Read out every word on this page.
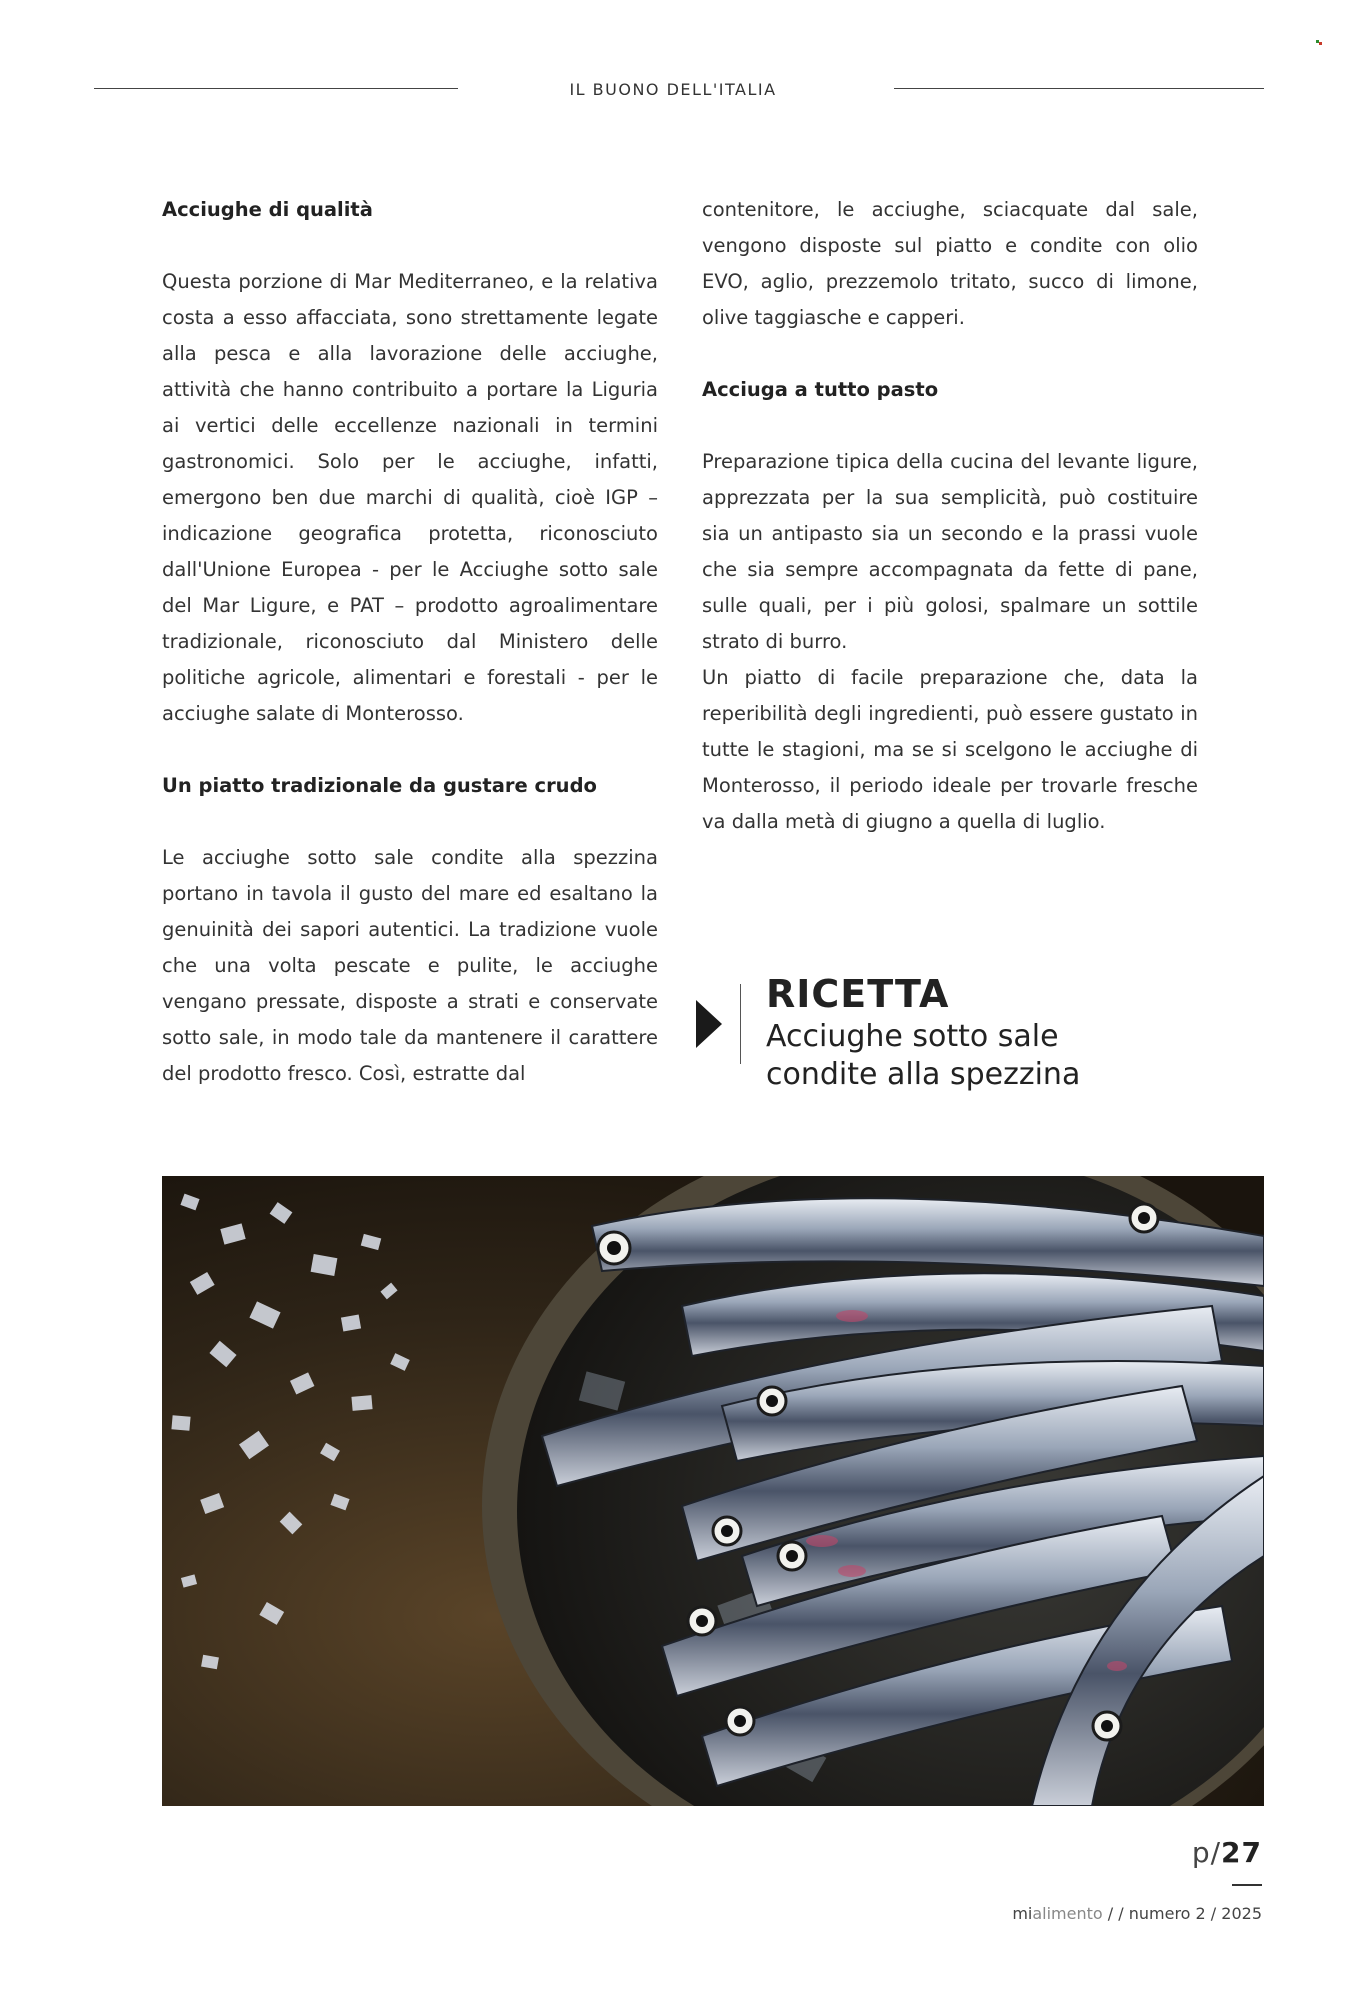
IL BUONO DELL'ITALIA
Acciughe di qualità

Questa porzione di Mar Mediterraneo, e la relativa costa a esso affacciata, sono strettamente legate alla pesca e alla lavorazione delle acciughe, attività che hanno contribuito a portare la Liguria ai vertici delle eccellenze nazionali in termini gastronomici. Solo per le acciughe, infatti, emergono ben due marchi di qualità, cioè IGP – indicazione geografica protetta, riconosciuto dall'Unione Europea - per le Acciughe sotto sale del Mar Ligure, e PAT – prodotto agroalimentare tradizionale, riconosciuto dal Ministero delle politiche agricole, alimentari e forestali - per le acciughe salate di Monterosso.

Un piatto tradizionale da gustare crudo

Le acciughe sotto sale condite alla spezzina portano in tavola il gusto del mare ed esaltano la genuinità dei sapori autentici. La tradizione vuole che una volta pescate e pulite, le acciughe vengano pressate, disposte a strati e conservate sotto sale, in modo tale da mantenere il carattere del prodotto fresco. Così, estratte dal

contenitore, le acciughe, sciacquate dal sale, vengono disposte sul piatto e condite con olio EVO, aglio, prezzemolo tritato, succo di limone, olive taggiasche e capperi.

Acciuga a tutto pasto

Preparazione tipica della cucina del levante ligure, apprezzata per la sua semplicità, può costituire sia un antipasto sia un secondo e la prassi vuole che sia sempre accompagnata da fette di pane, sulle quali, per i più golosi, spalmare un sottile strato di burro.

Un piatto di facile preparazione che, data la reperibilità degli ingredienti, può essere gustato in tutte le stagioni, ma se si scelgono le acciughe di Monterosso, il periodo ideale per trovarle fresche va dalla metà di giugno a quella di luglio.

RICETTA
Acciughe sotto sale
condite alla spezzina
p/27
mialimento / / numero 2 / 2025
